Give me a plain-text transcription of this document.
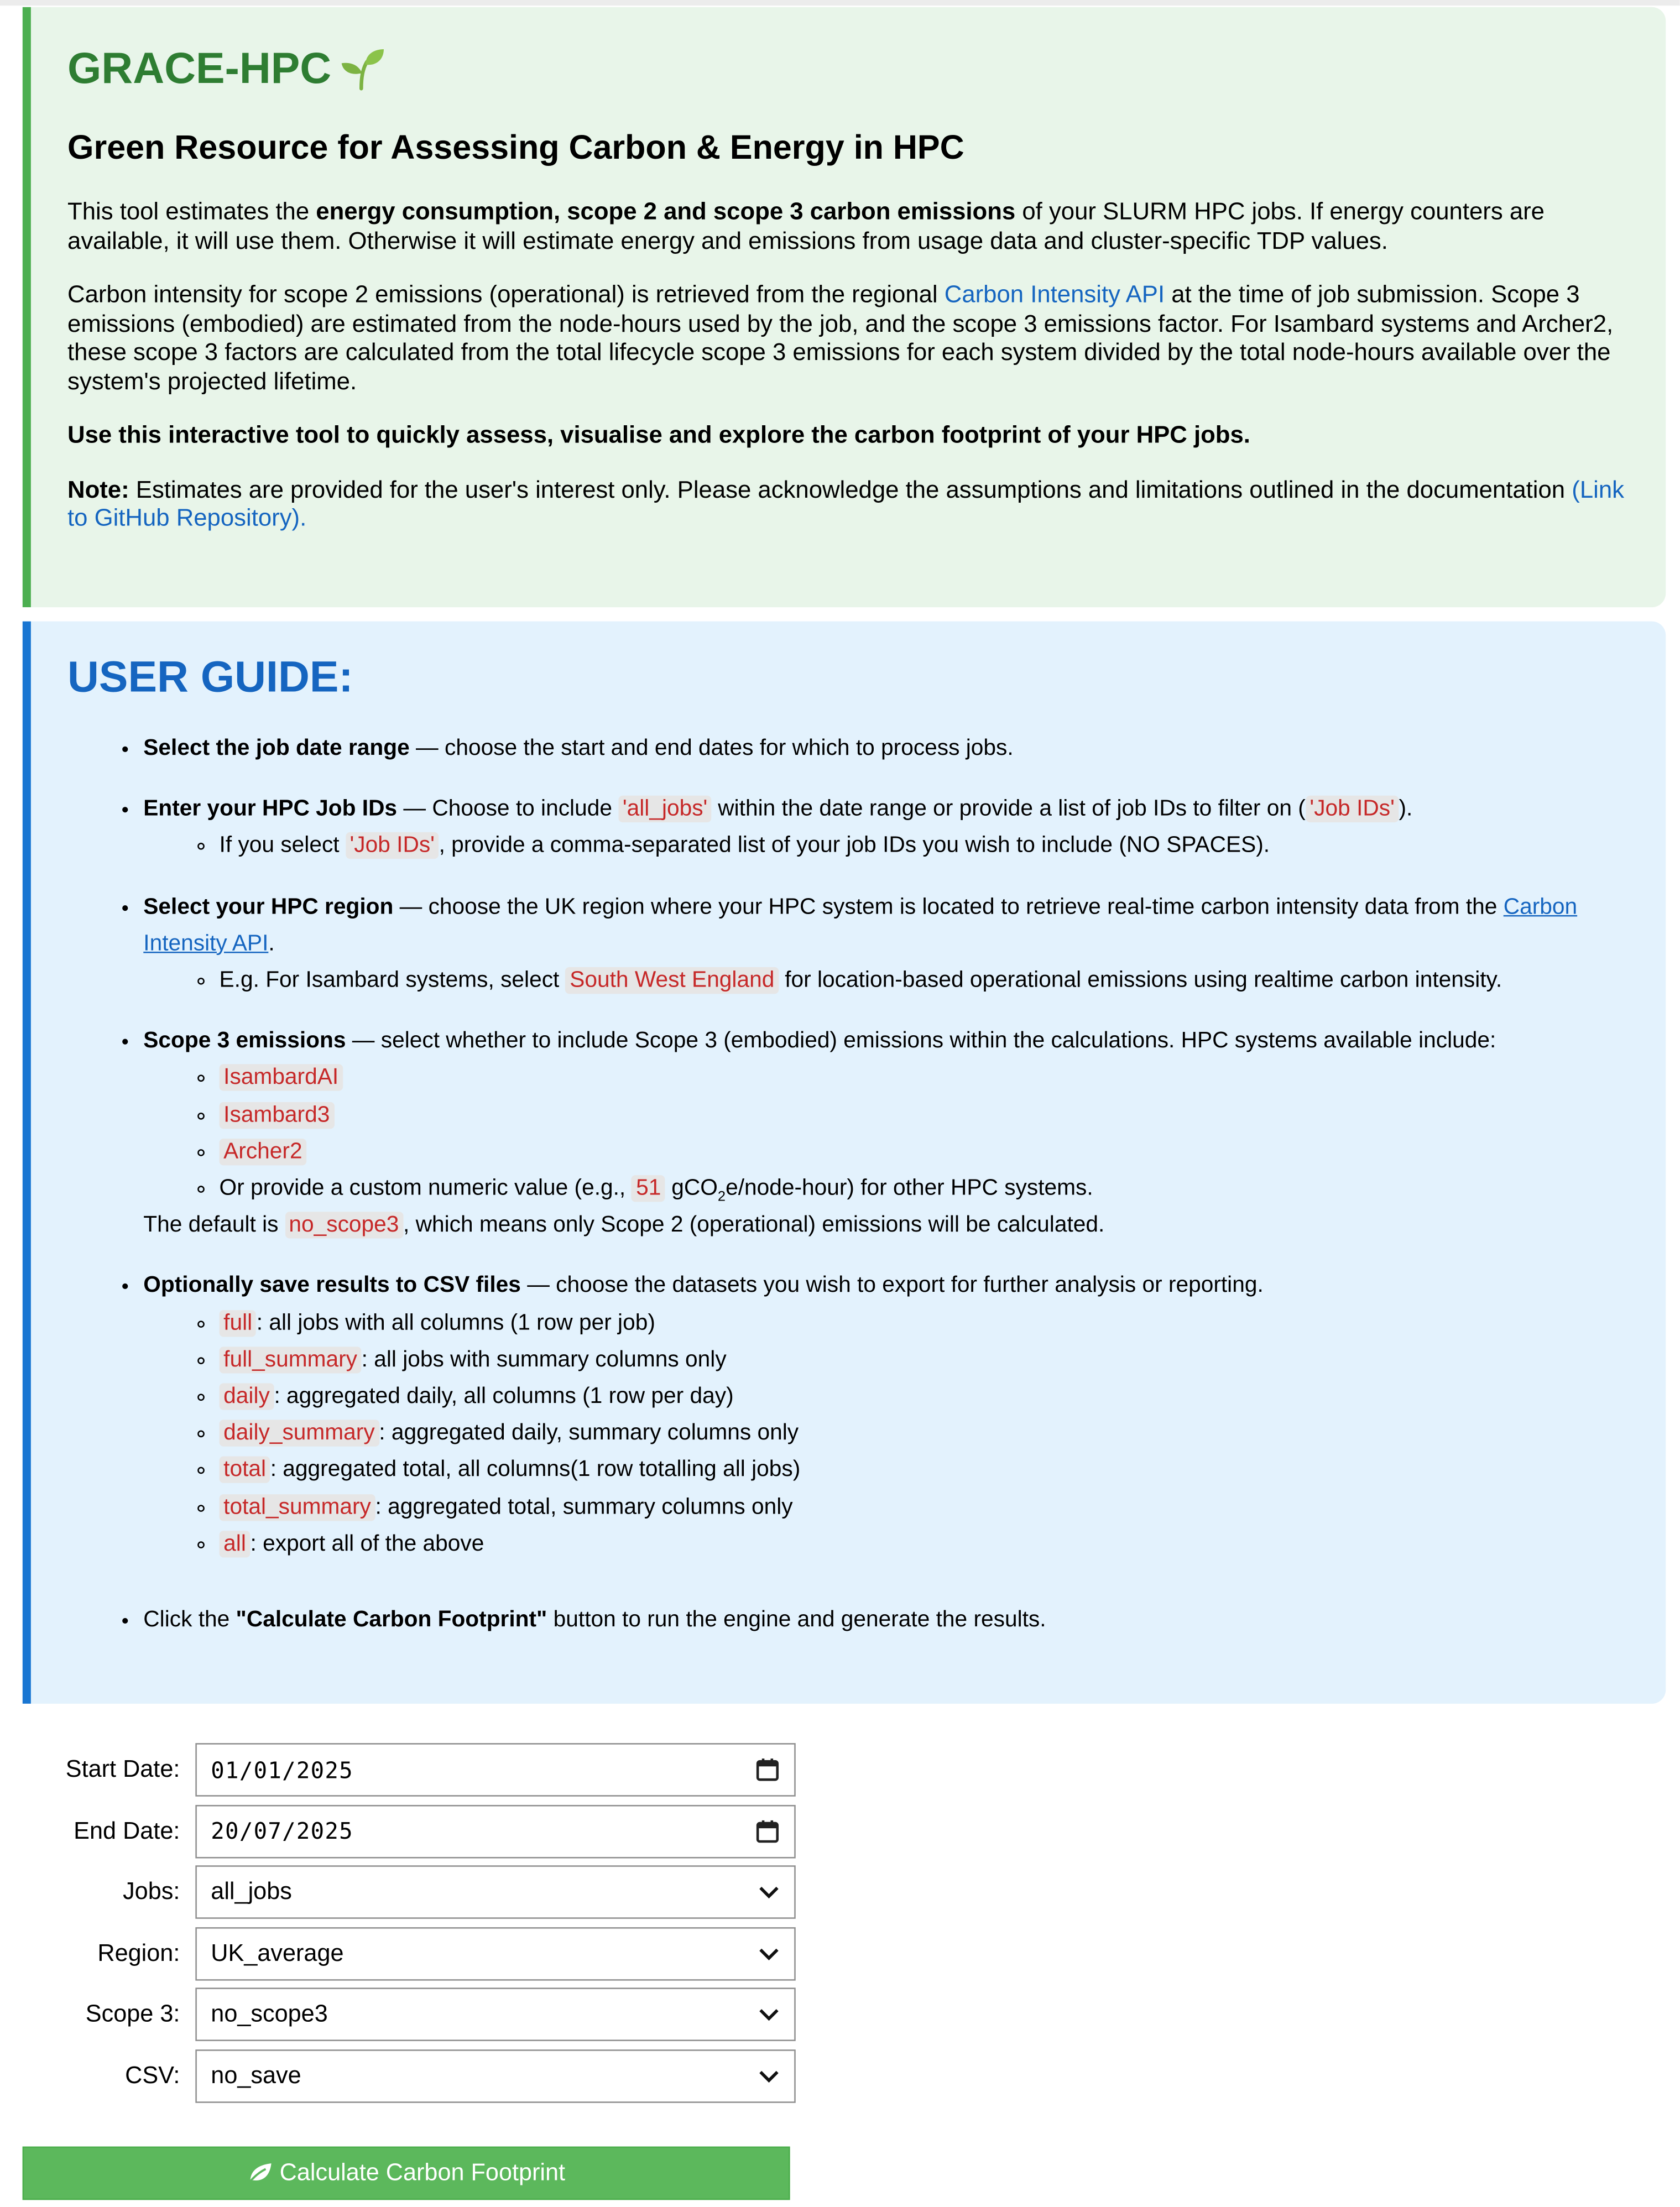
GRACE-HPC
Green Resource for Assessing Carbon & Energy in HPC

This tool estimates the energy consumption, scope 2 and scope 3 carbon emissions of your SLURM HPC jobs. If energy counters are available, it will use them. Otherwise it will estimate energy and emissions from usage data and cluster-specific TDP values.

Carbon intensity for scope 2 emissions (operational) is retrieved from the regional Carbon Intensity API at the time of job submission. Scope 3 emissions (embodied) are estimated from the node-hours used by the job, and the scope 3 emissions factor. For Isambard systems and Archer2, these scope 3 factors are calculated from the total lifecycle scope 3 emissions for each system divided by the total node-hours available over the system's projected lifetime.

Use this interactive tool to quickly assess, visualise and explore the carbon footprint of your HPC jobs.

Note: Estimates are provided for the user's interest only. Please acknowledge the assumptions and limitations outlined in the documentation (Link to GitHub Repository).

USER GUIDE:
• Select the job date range — choose the start and end dates for which to process jobs.
• Enter your HPC Job IDs — Choose to include 'all_jobs' within the date range or provide a list of job IDs to filter on ( 'Job IDs' ).
◦ If you select 'Job IDs' , provide a comma-separated list of your job IDs you wish to include (NO SPACES).
• Select your HPC region — choose the UK region where your HPC system is located to retrieve real-time carbon intensity data from the Carbon Intensity API.
◦ E.g. For Isambard systems, select South West England for location-based operational emissions using realtime carbon intensity.
• Scope 3 emissions — select whether to include Scope 3 (embodied) emissions within the calculations. HPC systems available include:
◦ IsambardAI
◦ Isambard3
◦ Archer2
◦ Or provide a custom numeric value (e.g., 51 gCO$_2$e/node-hour) for other HPC systems.
The default is no_scope3 , which means only Scope 2 (operational) emissions will be calculated.
• Optionally save results to CSV files — choose the datasets you wish to export for further analysis or reporting.
◦ full : all jobs with all columns (1 row per job)
◦ full_summary : all jobs with summary columns only
◦ daily : aggregated daily, all columns (1 row per day)
◦ daily_summary : aggregated daily, summary columns only
◦ total : aggregated total, all columns(1 row totalling all jobs)
◦ total_summary : aggregated total, summary columns only
◦ all : export all of the above
• Click the "Calculate Carbon Footprint" button to run the engine and generate the results.
Start Date:	01/01/2025
End Date:	20/07/2025
Jobs:	all_jobs
Region:	UK_average
Scope 3:	no_scope3
CSV:	no_save
Calculate Carbon Footprint
